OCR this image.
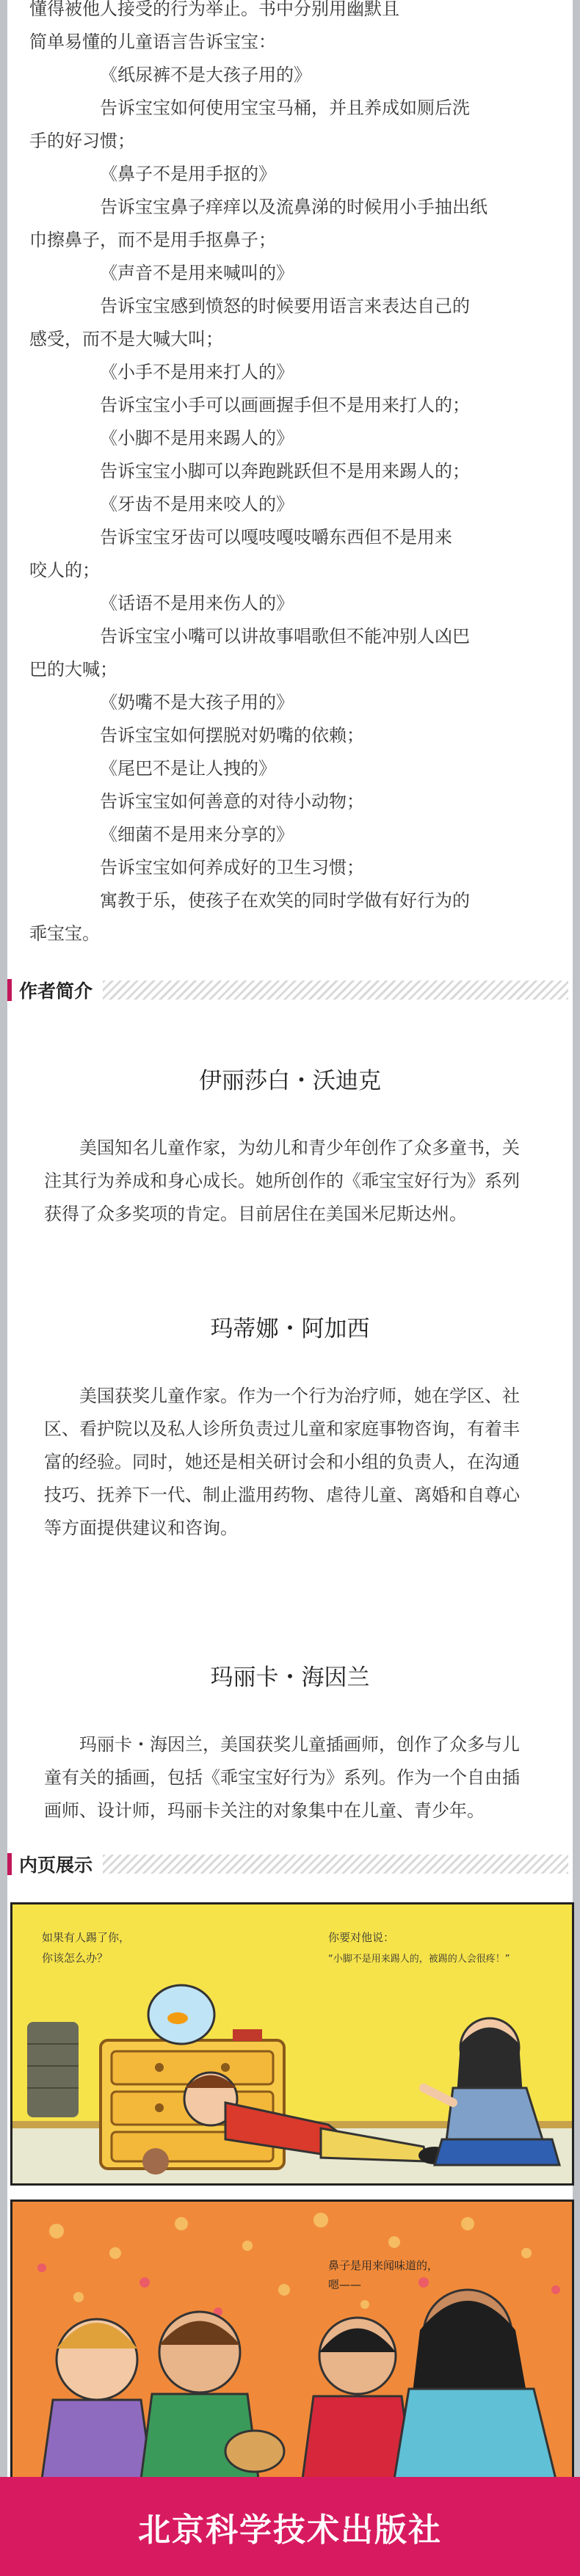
懂得被他人接受的行为举止。书中分别用幽默且

简单易懂的儿童语言告诉宝宝：

《纸尿裤不是大孩子用的》

告诉宝宝如何使用宝宝马桶，并且养成如厕后洗

手的好习惯；

《鼻子不是用手抠的》

告诉宝宝鼻子痒痒以及流鼻涕的时候用小手抽出纸

巾擦鼻子，而不是用手抠鼻子；

《声音不是用来喊叫的》

告诉宝宝感到愤怒的时候要用语言来表达自己的

感受，而不是大喊大叫；

《小手不是用来打人的》

告诉宝宝小手可以画画握手但不是用来打人的；

《小脚不是用来踢人的》

告诉宝宝小脚可以奔跑跳跃但不是用来踢人的；

《牙齿不是用来咬人的》

告诉宝宝牙齿可以嘎吱嘎吱嚼东西但不是用来

咬人的；

《话语不是用来伤人的》

告诉宝宝小嘴可以讲故事唱歌但不能冲别人凶巴

巴的大喊；

《奶嘴不是大孩子用的》

告诉宝宝如何摆脱对奶嘴的依赖；

《尾巴不是让人拽的》

告诉宝宝如何善意的对待小动物；

《细菌不是用来分享的》

告诉宝宝如何养成好的卫生习惯；

寓教于乐，使孩子在欢笑的同时学做有好行为的

乖宝宝。

作者简介
伊丽莎白・沃迪克

美国知名儿童作家，为幼儿和青少年创作了众多童书，关注其行为养成和身心成长。她所创作的《乖宝宝好行为》系列获得了众多奖项的肯定。目前居住在美国米尼斯达州。

玛蒂娜・阿加西

美国获奖儿童作家。作为一个行为治疗师，她在学区、社区、看护院以及私人诊所负责过儿童和家庭事物咨询，有着丰富的经验。同时，她还是相关研讨会和小组的负责人，在沟通技巧、抚养下一代、制止滥用药物、虐待儿童、离婚和自尊心等方面提供建议和咨询。

玛丽卡・海因兰

玛丽卡・海因兰，美国获奖儿童插画师，创作了众多与儿童有关的插画，包括《乖宝宝好行为》系列。作为一个自由插画师、设计师，玛丽卡关注的对象集中在儿童、青少年。

内页展示
如果有人踢了你，
你该怎么办？
你要对他说：
“小脚不是用来踢人的，被踢的人会很疼！”
鼻子是用来闻味道的，
嗯——
北京科学技术出版社
